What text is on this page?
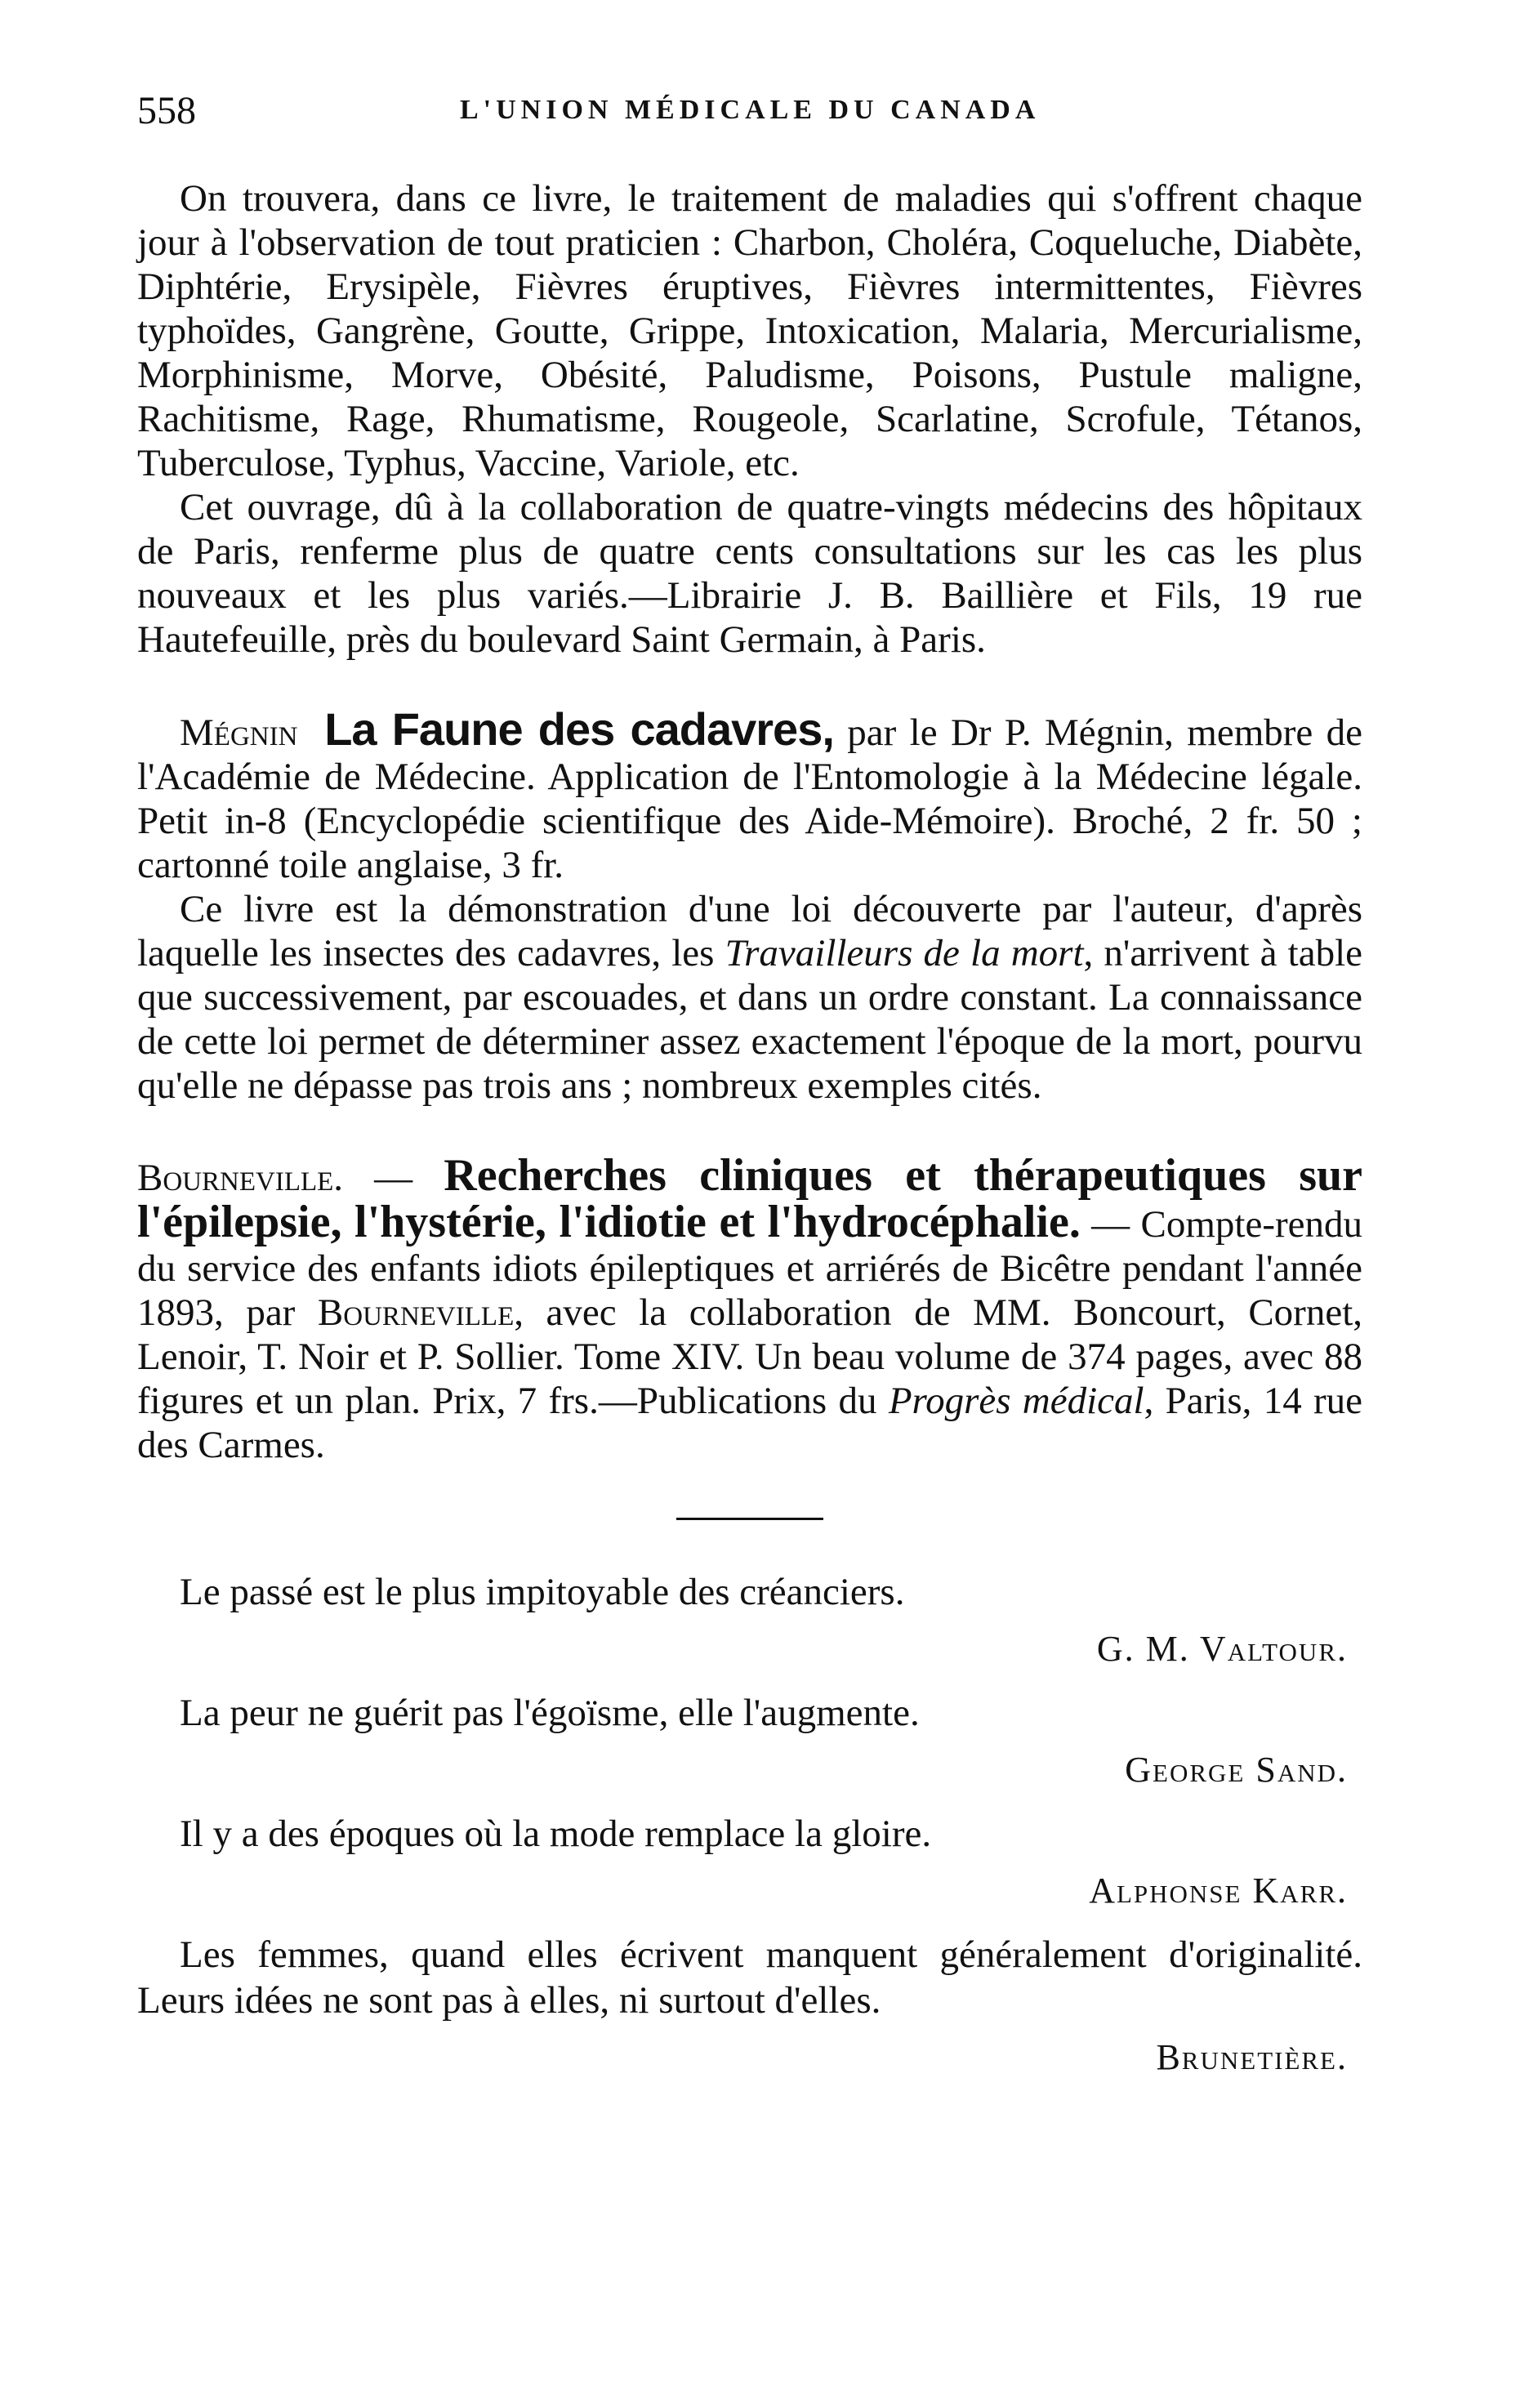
558	L'UNION MÉDICALE DU CANADA

On trouvera, dans ce livre, le traitement de maladies qui s'offrent chaque jour à l'observation de tout praticien : Charbon, Choléra, Coqueluche, Diabète, Diphtérie, Erysipèle, Fièvres éruptives, Fièvres intermittentes, Fièvres typhoïdes, Gangrène, Goutte, Grippe, Intoxication, Malaria, Mercurialisme, Morphinisme, Morve, Obésité, Paludisme, Poisons, Pustule maligne, Rachitisme, Rage, Rhumatisme, Rougeole, Scarlatine, Scrofule, Tétanos, Tuberculose, Typhus, Vaccine, Variole, etc.

Cet ouvrage, dû à la collaboration de quatre-vingts médecins des hôpitaux de Paris, renferme plus de quatre cents consultations sur les cas les plus nouveaux et les plus variés.—Librairie J. B. Baillière et Fils, 19 rue Hautefeuille, près du boulevard Saint Germain, à Paris.

Mégnin La Faune des cadavres, par le Dr P. Mégnin, membre de l'Académie de Médecine. Application de l'Entomologie à la Médecine légale. Petit in-8 (Encyclopédie scientifique des Aide-Mémoire). Broché, 2 fr. 50 ; cartonné toile anglaise, 3 fr.

Ce livre est la démonstration d'une loi découverte par l'auteur, d'après laquelle les insectes des cadavres, les Travailleurs de la mort, n'arrivent à table que successivement, par escouades, et dans un ordre constant. La connaissance de cette loi permet de déterminer assez exactement l'époque de la mort, pourvu qu'elle ne dépasse pas trois ans ; nombreux exemples cités.

Bourneville. — Recherches cliniques et thérapeutiques sur l'épilepsie, l'hystérie, l'idiotie et l'hydrocéphalie. — Compte-rendu du service des enfants idiots épileptiques et arriérés de Bicêtre pendant l'année 1893, par Bourneville, avec la collaboration de MM. Boncourt, Cornet, Lenoir, T. Noir et P. Sollier. Tome XIV. Un beau volume de 374 pages, avec 88 figures et un plan. Prix, 7 frs.—Publications du Progrès médical, Paris, 14 rue des Carmes.

Le passé est le plus impitoyable des créanciers.

G. M. Valtour.

La peur ne guérit pas l'égoïsme, elle l'augmente.

George Sand.

Il y a des époques où la mode remplace la gloire.

Alphonse Karr.

Les femmes, quand elles écrivent manquent généralement d'originalité. Leurs idées ne sont pas à elles, ni surtout d'elles.

Brunetière.
